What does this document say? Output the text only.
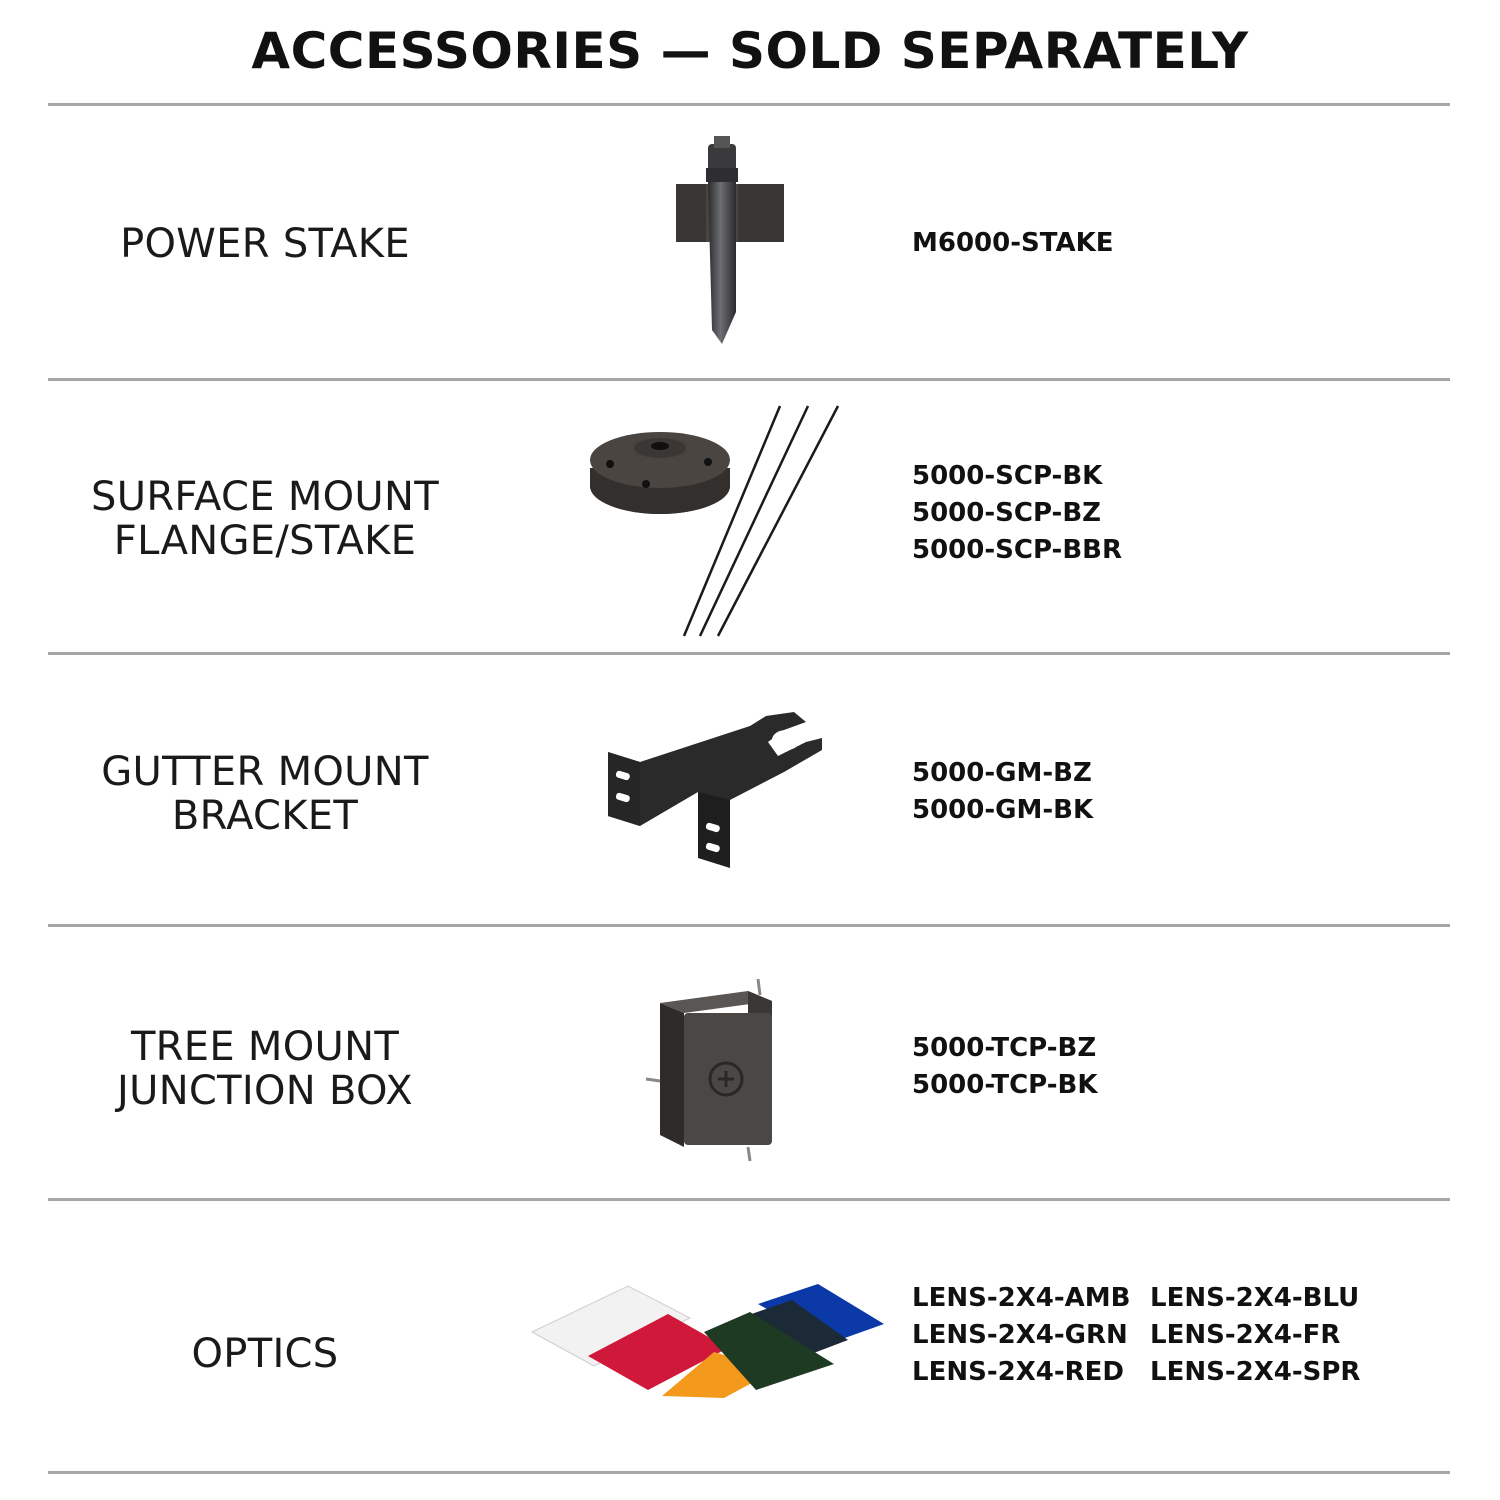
ACCESSORIES — SOLD SEPARATELY
POWER STAKE	M6000-STAKE
SURFACE MOUNT
FLANGE/STAKE
5000-SCP-BK
5000-SCP-BZ
5000-SCP-BBR
GUTTER MOUNT
BRACKET
5000-GM-BZ
5000-GM-BK
TREE MOUNT
JUNCTION BOX
5000-TCP-BZ
5000-TCP-BK
OPTICS
LENS-2X4-AMB LENS-2X4-BLU
LENS-2X4-GRN LENS-2X4-FR
LENS-2X4-RED	LENS-2X4-SPR
